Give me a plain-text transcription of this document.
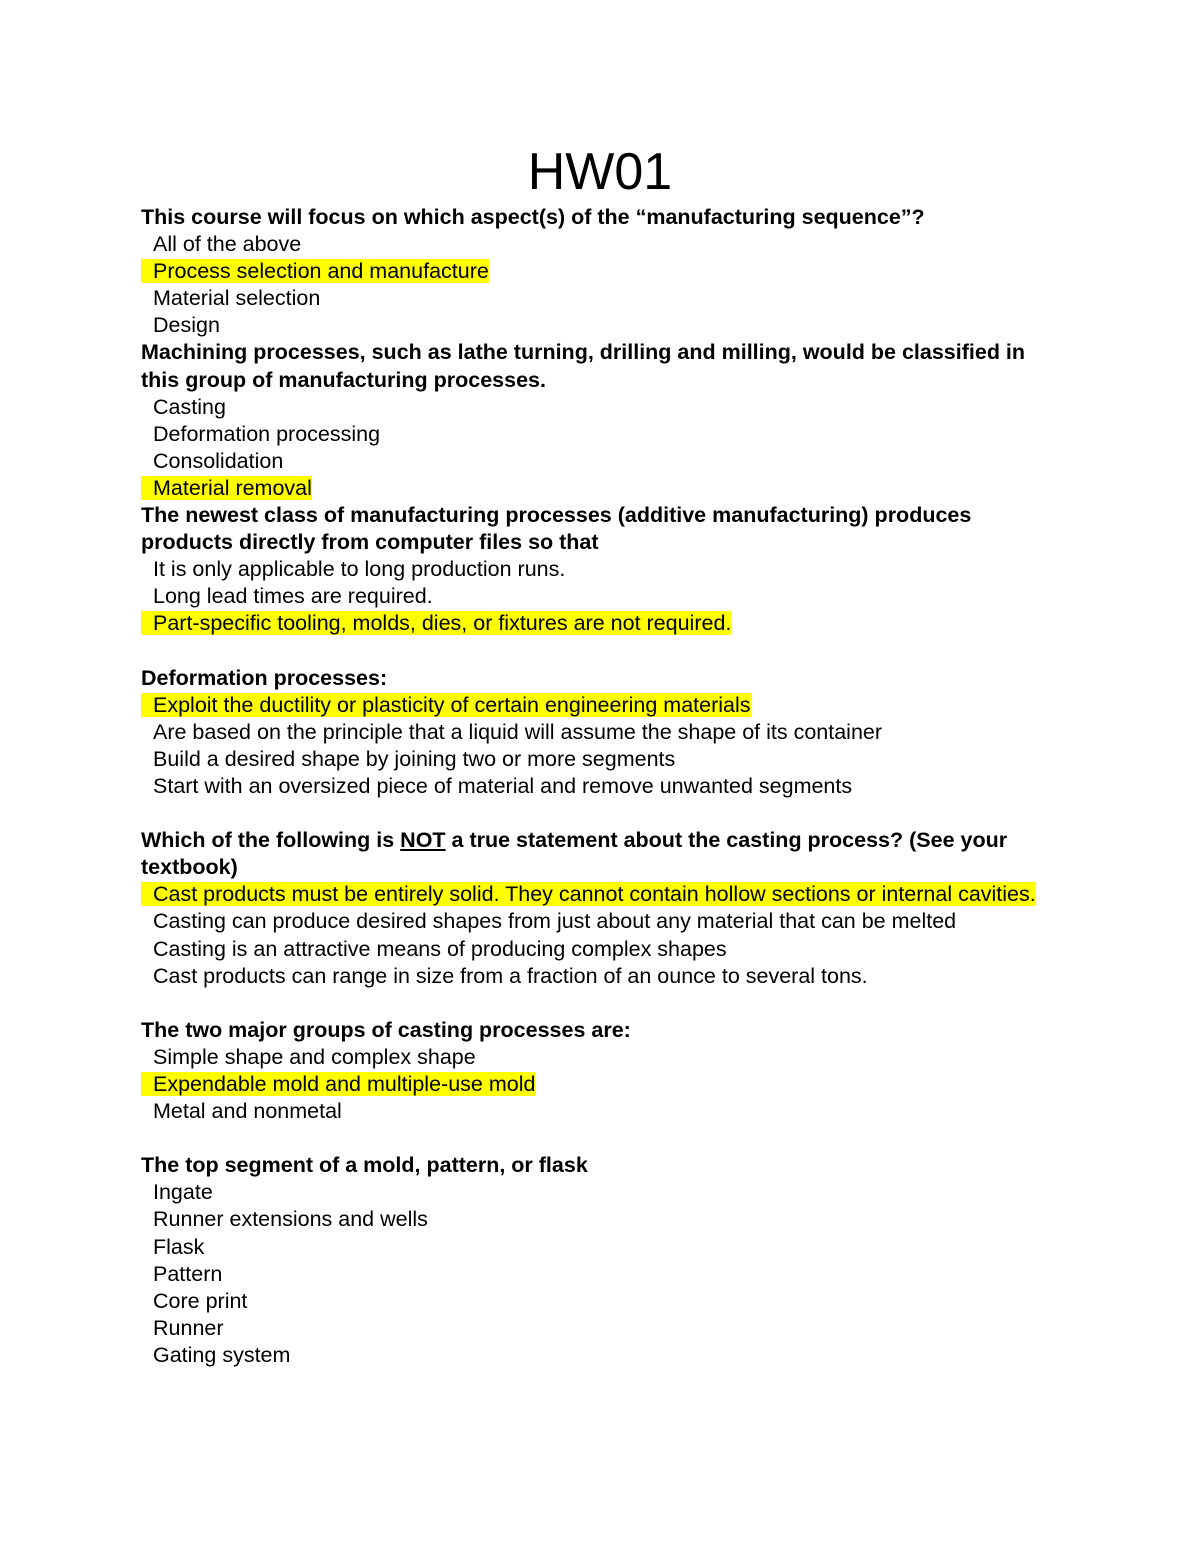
HW01

This course will focus on which aspect(s) of the “manufacturing sequence”?

All of the above
Process selection and manufacture
Material selection
Design

Machining processes, such as lathe turning, drilling and milling, would be classified in this group of manufacturing processes.

Casting
Deformation processing
Consolidation
Material removal

The newest class of manufacturing processes (additive manufacturing) produces products directly from computer files so that

It is only applicable to long production runs.
Long lead times are required.
Part-specific tooling, molds, dies, or fixtures are not required.

Deformation processes:

Exploit the ductility or plasticity of certain engineering materials
Are based on the principle that a liquid will assume the shape of its container
Build a desired shape by joining two or more segments
Start with an oversized piece of material and remove unwanted segments

Which of the following is NOT a true statement about the casting process? (See your textbook)

Cast products must be entirely solid. They cannot contain hollow sections or internal cavities.
Casting can produce desired shapes from just about any material that can be melted
Casting is an attractive means of producing complex shapes
Cast products can range in size from a fraction of an ounce to several tons.

The two major groups of casting processes are:

Simple shape and complex shape
Expendable mold and multiple-use mold
Metal and nonmetal

The top segment of a mold, pattern, or flask

Ingate
Runner extensions and wells
Flask
Pattern
Core print
Runner
Gating system
